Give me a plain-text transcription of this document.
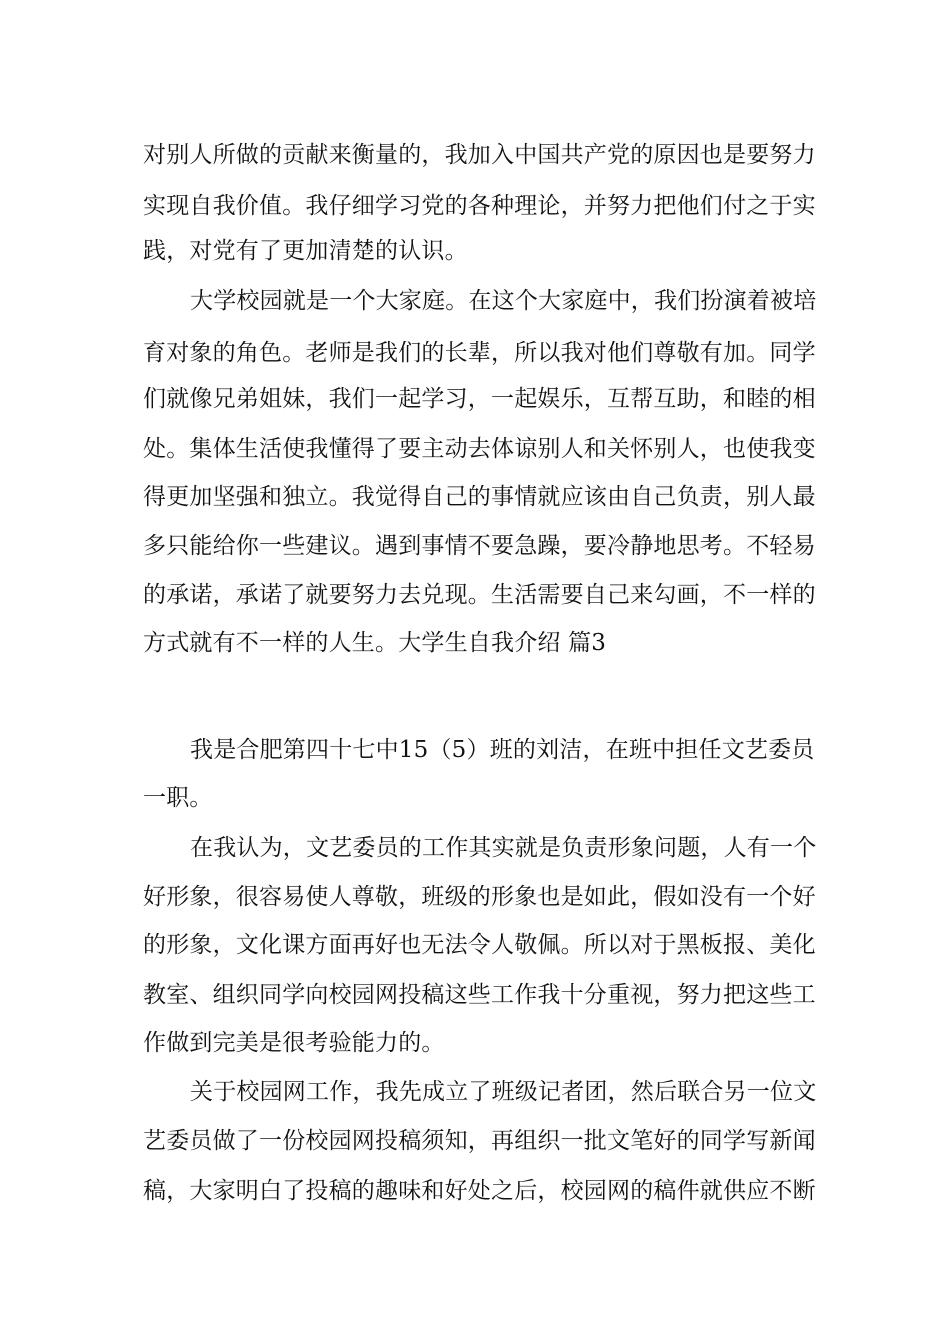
对别人所做的贡献来衡量的，我加入中国共产党的原因也是要努力

实现自我价值。我仔细学习党的各种理论，并努力把他们付之于实

践，对党有了更加清楚的认识。

大学校园就是一个大家庭。在这个大家庭中，我们扮演着被培

育对象的角色。老师是我们的长辈，所以我对他们尊敬有加。同学

们就像兄弟姐妹，我们一起学习，一起娱乐，互帮互助，和睦的相

处。集体生活使我懂得了要主动去体谅别人和关怀别人，也使我变

得更加坚强和独立。我觉得自己的事情就应该由自己负责，别人最

多只能给你一些建议。遇到事情不要急躁，要冷静地思考。不轻易

的承诺，承诺了就要努力去兑现。生活需要自己来勾画，不一样的

方式就有不一样的人生。大学生自我介绍 篇3

我是合肥第四十七中15（5）班的刘洁，在班中担任文艺委员

一职。

在我认为，文艺委员的工作其实就是负责形象问题，人有一个

好形象，很容易使人尊敬，班级的形象也是如此，假如没有一个好

的形象，文化课方面再好也无法令人敬佩。所以对于黑板报、美化

教室、组织同学向校园网投稿这些工作我十分重视，努力把这些工

作做到完美是很考验能力的。

关于校园网工作，我先成立了班级记者团，然后联合另一位文

艺委员做了一份校园网投稿须知，再组织一批文笔好的同学写新闻

稿，大家明白了投稿的趣味和好处之后，校园网的稿件就供应不断
